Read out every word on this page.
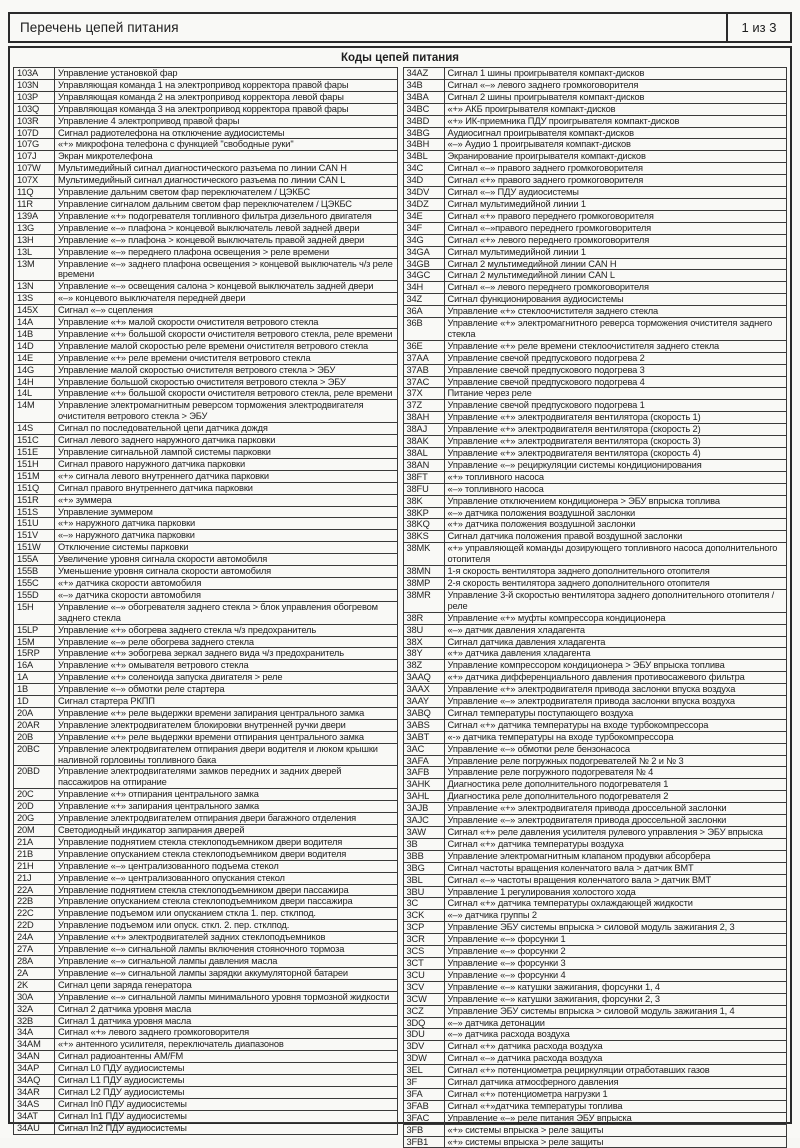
Перечень цепей питания	1 из 3
Коды цепей питания
103A	Управление установкой фар
103N	Управляющая команда 1 на электропривод корректора правой фары
103P	Управляющая команда 2 на электропривод корректора левой фары
103Q	Управляющая команда 3 на электропривод корректора правой фары
103R	Управление 4 электропривод правой фары
107D	Сигнал радиотелефона на отключение аудиосистемы
107G	«+» микрофона телефона с функцией "свободные руки"
107J	Экран микротелефона
107W	Мультимедийный сигнал диагностического разъема по линии CAN H
107X	Мультимедийный сигнал диагностического разъема по линии CAN L
11Q	Управление дальним светом фар переключателем / ЦЭКБС
11R	Управление сигналом дальним светом фар переключателем / ЦЭКБС
139A	Управление «+» подогревателя топливного фильтра дизельного двигателя
13G	Управление «–» плафона > концевой выключатель левой задней двери
13H	Управление «–» плафона > концевой выключатель правой задней двери
13L	Управление «–» переднего плафона освещения > реле времени
13M	Управление «–» заднего плафона освещения > концевой выключатель ч/з реле времени
13N	Управление «–» освещения салона > концевой выключатель задней двери
13S	«–» концевого выключателя передней двери
145X	Сигнал «–» сцепления
14A	Управление «+» малой скорости очистителя ветрового стекла
14B	Управление «+» большой скорости очистителя ветрового стекла, реле времени
14D	Управление малой скоростью реле времени очистителя ветрового стекла
14E	Управление «+» реле времени очистителя ветрового стекла
14G	Управление малой скоростью очистителя ветрового стекла > ЭБУ
14H	Управление большой скоростью очистителя ветрового стекла > ЭБУ
14L	Управление «+» большой скорости очистителя ветрового стекла, реле времени
14M	Управление электромагнитным реверсом торможения электродвигателя очистителя ветрового стекла > ЭБУ
14S	Сигнал по последовательной цепи датчика дождя
151C	Сигнал левого заднего наружного датчика парковки
151E	Управление сигнальной лампой системы парковки
151H	Сигнал правого наружного датчика парковки
151M	«+» сигнала левого внутреннего датчика парковки
151Q	Сигнал правого внутреннего датчика парковки
151R	«+» зуммера
151S	Управление зуммером
151U	«+» наружного датчика парковки
151V	«–» наружного датчика парковки
151W	Отключение системы парковки
155A	Увеличение уровня сигнала скорости автомобиля
155B	Уменьшение уровня сигнала скорости автомобиля
155C	«+» датчика скорости автомобиля
155D	«–» датчика скорости автомобиля
15H	Управление «–» обогревателя заднего стекла > блок управления обогревом заднего стекла
15LP	Управление «+» обогрева заднего стекла ч/з предохранитель
15M	Управление «–» реле обогрева заднего стекла
15RP	Управление «+» эобогрева зеркал заднего вида ч/з предохранитель
16A	Управление «+» омывателя ветрового стекла
1A	Управление «+» соленоида запуска двигателя > реле
1B	Управление «–» обмотки реле стартера
1D	Сигнал стартера РКПП
20A	Управление «+» реле выдержки времени запирания центрального замка
20AR	Управление электродвигателем блокировки внутренней ручки двери
20B	Управление «+» реле выдержки времени отпирания центрального замка
20BC	Управление электродвигателем отпирания двери водителя и люком крышки наливной горловины топливного бака
20BD	Управление электродвигателями замков передних и задних дверей пассажиров на отпирание
20C	Управление «+» отпирания центрального замка
20D	Управление «+» запирания центрального замка
20G	Управление электродвигателем отпирания двери багажного отделения
20M	Светодиодный индикатор запирания дверей
21A	Управление поднятием стекла стеклоподъемником двери водителя
21B	Управление опусканием стекла стеклоподъемником двери водителя
21H	Управление «–» централизованного подъема стекол
21J	Управление «–» централизованного опускания стекол
22A	Управление поднятием стекла стеклоподъемником двери пассажира
22B	Управление опусканием стекла стеклоподъемником двери пассажира
22C	Управление подъемом или опусканием сткла 1. пер. стклпод.
22D	Управление подъемом или опуск. сткл. 2. пер. стклпод.
24A	Управление «+» электродвигателей задних стеклоподъемников
27A	Управление «–» сигнальной лампы включения стояночного тормоза
28A	Управление «–» сигнальной лампы давления масла
2A	Управление «–» сигнальной лампы зарядки аккумуляторной батареи
2K	Сигнал цепи заряда генератора
30A	Управление «–» сигнальной лампы минимального уровня тормозной жидкости
32A	Сигнал 2 датчика уровня масла
32B	Сигнал 1 датчика уровня масла
34A	Сигнал «+» левого заднего громкоговорителя
34AM	«+» антенного усилителя, переключатель диапазонов
34AN	Сигнал радиоантенны AM/FM
34AP	Сигнал L0 ПДУ аудиосистемы
34AQ	Сигнал L1 ПДУ аудиосистемы
34AR	Сигнал L2 ПДУ аудиосистемы
34AS	Сигнал In0 ПДУ аудиосистемы
34AT	Сигнал In1 ПДУ аудиосистемы
34AU	Сигнал In2 ПДУ аудиосистемы
34AZ	Сигнал 1 шины проигрывателя компакт-дисков
34B	Сигнал «–» левого заднего громкоговорителя
34BA	Сигнал 2 шины проигрывателя компакт-дисков
34BC	«+» АКБ проигрывателя компакт-дисков
34BD	«+» ИК-приемника ПДУ проигрывателя компакт-дисков
34BG	Аудиосигнал проигрывателя компакт-дисков
34BH	«–» Аудио 1 проигрывателя компакт-дисков
34BL	Экранирование проигрывателя компакт-дисков
34C	Сигнал «–» правого заднего громкоговорителя
34D	Сигнал «+» правого заднего громкоговорителя
34DV	Сигнал «–» ПДУ аудиосистемы
34DZ	Сигнал мультимедийной линии 1
34E	Сигнал «+» правого переднего громкоговорителя
34F	Сигнал «–»правого переднего громкоговорителя
34G	Сигнал «+» левого переднего громкоговорителя
34GA	Сигнал мультимедийной линии 1
34GB	Сигнал 2 мультимедийной линии CAN H
34GC	Сигнал 2 мультимедийной линии CAN L
34H	Сигнал «–» левого переднего громкоговорителя
34Z	Сигнал функционирования аудиосистемы
36A	Управление «+» стеклоочистителя заднего стекла
36B	Управление «+» электромагнитного реверса торможения очистителя заднего стекла
36E	Управление «+» реле времени стеклоочистителя заднего стекла
37AA	Управление свечой предпускового подогрева 2
37AB	Управление свечой предпускового подогрева 3
37AC	Управление свечой предпускового подогрева 4
37X	Питание через реле
37Z	Управление свечой предпускового подогрева 1
38AH	Управление «+» электродвигателя вентилятора (скорость 1)
38AJ	Управление «+» электродвигателя вентилятора (скорость 2)
38AK	Управление «+» электродвигателя вентилятора (скорость 3)
38AL	Управление «+» электродвигателя вентилятора (скорость 4)
38AN	Управление «–» рециркуляции системы кондиционирования
38FT	«+» топливного насоса
38FU	«–» топливного насоса
38K	Управление отключением кондиционера > ЭБУ впрыска топлива
38KP	«–» датчика положения воздушной заслонки
38KQ	«+» датчика положения воздушной заслонки
38KS	Сигнал датчика положения правой воздушной заслонки
38MK	«+» управляющей команды дозирующего топливного насоса дополнительного отопителя
38MN	1-я скорость вентилятора заднего дополнительного отопителя
38MP	2-я скорость вентилятора заднего дополнительного отопителя
38MR	Управление 3-й скоростью вентилятора заднего дополнительного отопителя / реле
38R	Управление «+» муфты компрессора кондиционера
38U	«–» датчик давления хладагента
38X	Сигнал датчика давления хладагента
38Y	«+» датчика давления хладагента
38Z	Управление компрессором кондиционера > ЭБУ впрыска топлива
3AAQ	«+» датчика дифференциального давления противосажевого фильтра
3AAX	Управление «+» электродвигателя привода заслонки впуска воздуха
3AAY	Управление «–» электродвигателя привода заслонки впуска воздуха
3ABQ	Сигнал температуры поступающего воздуха
3ABS	Сигнал «+» датчика температуры на входе турбокомпрессора
3ABT	«-» датчика температуры на входе турбокомпрессора
3AC	Управление «–» обмотки реле бензонасоса
3AFA	Управление реле погружных подогревателей № 2 и № 3
3AFB	Управление реле погружного подогревателя № 4
3AHK	Диагностика реле дополнительного подогревателя 1
3AHL	Диагностика реле дополнительного подогревателя 2
3AJB	Управление «+» электродвигателя привода дроссельной заслонки
3AJC	Управление «–» электродвигателя привода дроссельной заслонки
3AW	Сигнал «+» реле давления усилителя рулевого управления > ЭБУ впрыска
3B	Сигнал «+» датчика температуры воздуха
3BB	Управление электромагнитным клапаном продувки абсорбера
3BG	Сигнал частоты вращения коленчатого вала > датчик ВМТ
3BL	Сигнал «–» частоты вращения коленчатого вала > датчик ВМТ
3BU	Управление 1 регулирования холостого хода
3C	Сигнал «+» датчика температуры охлаждающей жидкости
3CK	«–» датчика группы 2
3CP	Управление ЭБУ системы впрыска > силовой модуль зажигания 2, 3
3CR	Управление «–» форсунки 1
3CS	Управление «–» форсунки 2
3CT	Управление «–» форсунки 3
3CU	Управление «–» форсунки 4
3CV	Управление «–» катушки зажигания, форсунки 1, 4
3CW	Управление «–» катушки зажигания, форсунки 2, 3
3CZ	Управление ЭБУ системы впрыска > силовой модуль зажигания 1, 4
3DQ	«–» датчика детонации
3DU	«–» датчика расхода воздуха
3DV	Сигнал «+» датчика расхода воздуха
3DW	Сигнал «–» датчика расхода воздуха
3EL	Сигнал «+» потенциометра рециркуляции отработавших газов
3F	Сигнал датчика атмосферного давления
3FA	Сигнал «+» потенциометра нагрузки 1
3FAB	Сигнал «+»датчика температуры топлива
3FAC	Управление «–» реле питания ЭБУ впрыска
3FB	«+» системы впрыска > реле защиты
3FB1	«+» системы впрыска > реле защиты
